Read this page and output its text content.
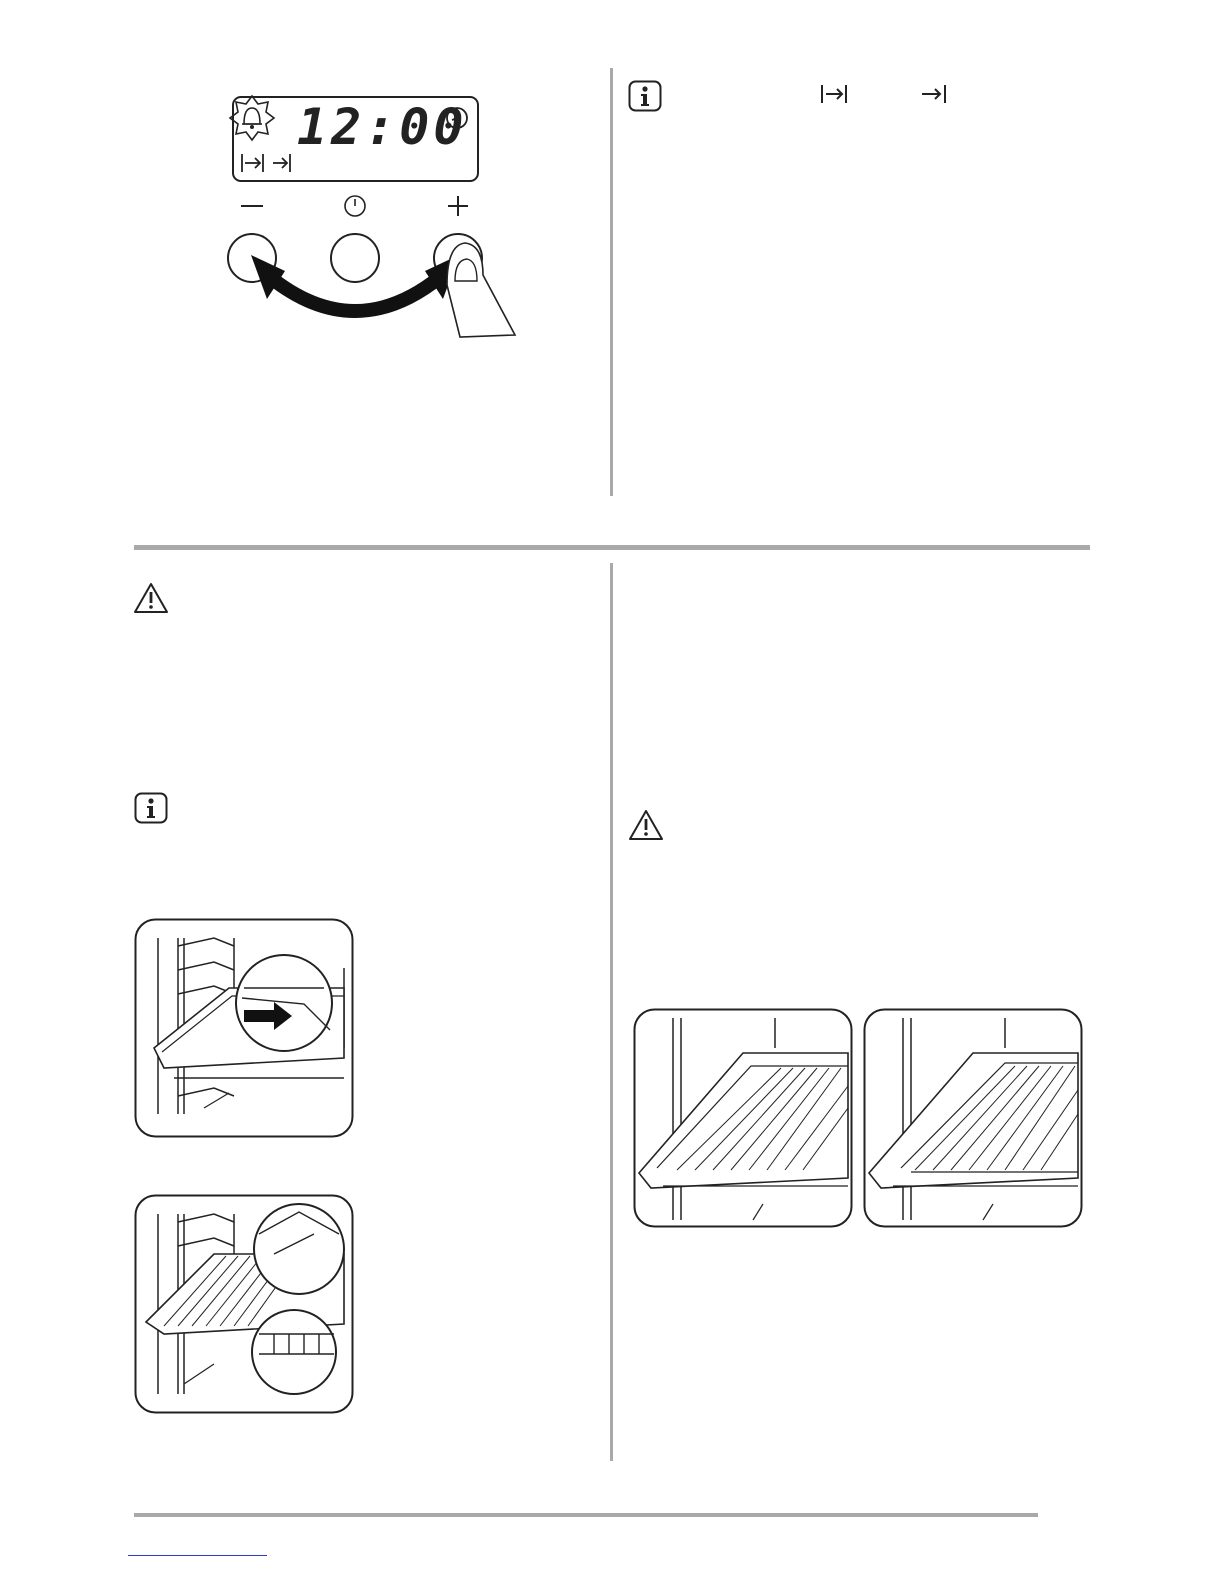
12:00
